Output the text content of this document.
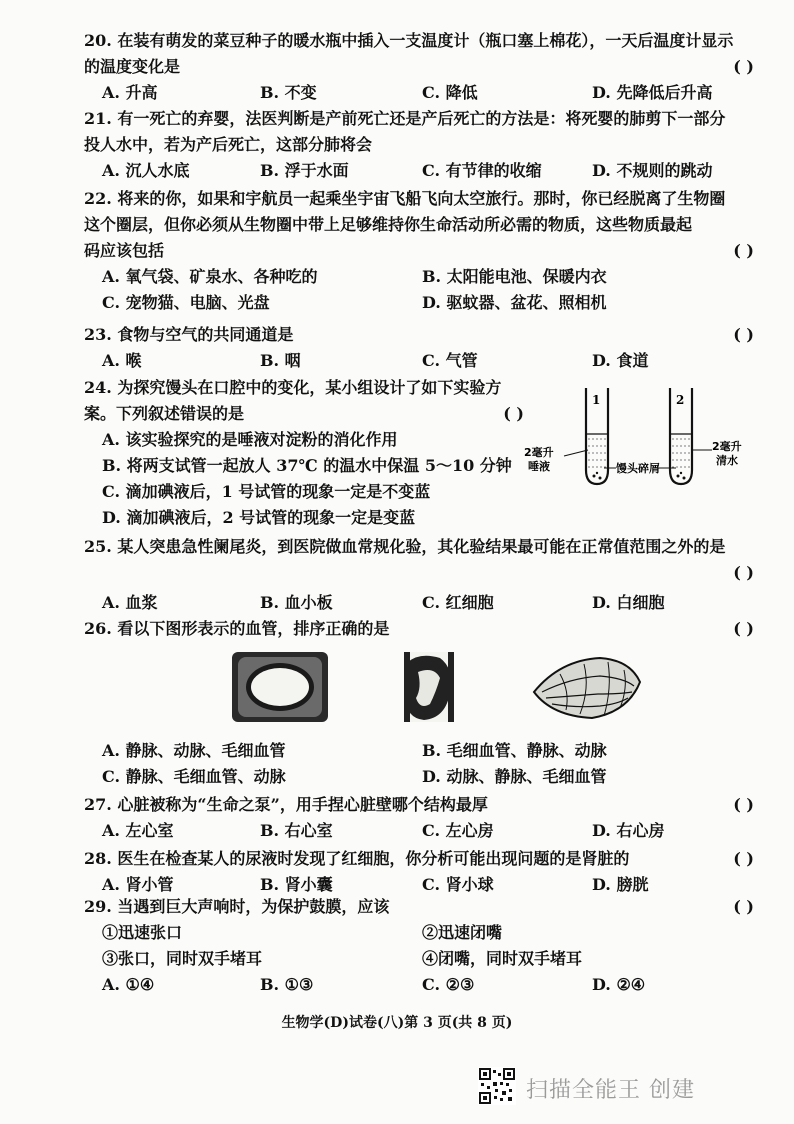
20. 在装有萌发的菜豆种子的暖水瓶中插入一支温度计（瓶口塞上棉花），一天后温度计显示

的温度变化是	( )

A. 升高	B. 不变	C. 降低	D. 先降低后升高

21. 有一死亡的弃婴，法医判断是产前死亡还是产后死亡的方法是：将死婴的肺剪下一部分

投人水中，若为产后死亡，这部分肺将会

A. 沉人水底	B. 浮于水面	C. 有节律的收缩	D. 不规则的跳动

22. 将来的你，如果和宇航员一起乘坐宇宙飞船飞向太空旅行。那时，你已经脱离了生物圈

这个圈层，但你必须从生物圈中带上足够维持你生命活动所必需的物质，这些物质最起

码应该包括	( )

A. 氧气袋、矿泉水、各种吃的	B. 太阳能电池、保暖内衣
C. 宠物猫、电脑、光盘	D. 驱蚊器、盆花、照相机

23. 食物与空气的共同通道是	( )

A. 喉	B. 咽	C. 气管	D. 食道

24. 为探究馒头在口腔中的变化，某小组设计了如下实验方

案。下列叙述错误的是	( )

A. 该实验探究的是唾液对淀粉的消化作用

B. 将两支试管一起放人 37℃ 的温水中保温 5～10 分钟

C. 滴加碘液后，1 号试管的现象一定是不变蓝

D. 滴加碘液后，2 号试管的现象一定是变蓝

1	2
2毫升
唾液
2毫升
清水
馒头碎屑

25. 某人突患急性阑尾炎，到医院做血常规化验，其化验结果最可能在正常值范围之外的是

( )

A. 血浆	B. 血小板	C. 红细胞	D. 白细胞

26. 看以下图形表示的血管，排序正确的是	( )

A. 静脉、动脉、毛细血管	B. 毛细血管、静脉、动脉
C. 静脉、毛细血管、动脉	D. 动脉、静脉、毛细血管

27. 心脏被称为“生命之泵”，用手捏心脏壁哪个结构最厚	( )

A. 左心室	B. 右心室	C. 左心房	D. 右心房

28. 医生在检查某人的尿液时发现了红细胞，你分析可能出现问题的是肾脏的	( )

A. 肾小管	B. 肾小囊	C. 肾小球	D. 膀胱

29. 当遇到巨大声响时，为保护鼓膜，应该	( )

①迅速张口	②迅速闭嘴
③张口，同时双手堵耳	④闭嘴，同时双手堵耳
A. ①④	B. ①③	C. ②③	D. ②④
生物学(D)试卷(八)第 3 页(共 8 页)
扫描全能王 创建
